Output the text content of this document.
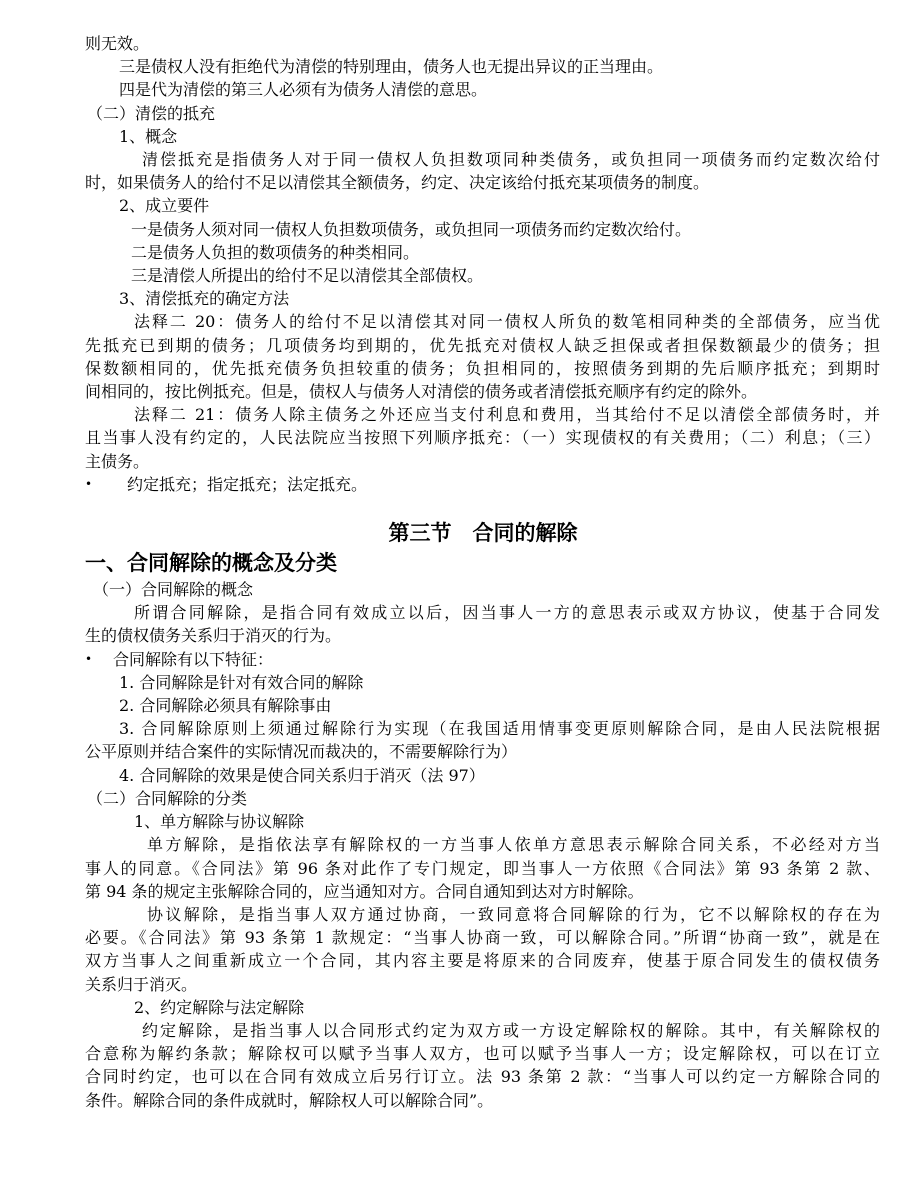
www.zixin.com.cn
则无效。
三是债权人没有拒绝代为清偿的特别理由，债务人也无提出异议的正当理由。
四是代为清偿的第三人必须有为债务人清偿的意思。
（二）清偿的抵充
1、概念
清偿抵充是指债务人对于同一债权人负担数项同种类债务，或负担同一项债务而约定数次给付
时，如果债务人的给付不足以清偿其全额债务，约定、决定该给付抵充某项债务的制度。
2、成立要件
一是债务人须对同一债权人负担数项债务，或负担同一项债务而约定数次给付。
二是债务人负担的数项债务的种类相同。
三是清偿人所提出的给付不足以清偿其全部债权。
3、清偿抵充的确定方法
法释二 20：债务人的给付不足以清偿其对同一债权人所负的数笔相同种类的全部债务，应当优
先抵充已到期的债务；几项债务均到期的，优先抵充对债权人缺乏担保或者担保数额最少的债务；担
保数额相同的，优先抵充债务负担较重的债务；负担相同的，按照债务到期的先后顺序抵充；到期时
间相同的，按比例抵充。但是，债权人与债务人对清偿的债务或者清偿抵充顺序有约定的除外。
法释二 21：债务人除主债务之外还应当支付利息和费用，当其给付不足以清偿全部债务时，并
且当事人没有约定的，人民法院应当按照下列顺序抵充：（一）实现债权的有关费用；（二）利息；（三）
主债务。
• 约定抵充；指定抵充；法定抵充。
第三节　合同的解除
一、合同解除的概念及分类
（一）合同解除的概念
所谓合同解除，是指合同有效成立以后，因当事人一方的意思表示或双方协议，使基于合同发
生的债权债务关系归于消灭的行为。
• 合同解除有以下特征：
1. 合同解除是针对有效合同的解除
2. 合同解除必须具有解除事由
3. 合同解除原则上须通过解除行为实现（在我国适用情事变更原则解除合同，是由人民法院根据
公平原则并结合案件的实际情况而裁决的，不需要解除行为）
4. 合同解除的效果是使合同关系归于消灭（法 97）
（二）合同解除的分类
1、单方解除与协议解除
单方解除，是指依法享有解除权的一方当事人依单方意思表示解除合同关系，不必经对方当
事人的同意。《合同法》第 96 条对此作了专门规定，即当事人一方依照《合同法》第 93 条第 2 款、
第 94 条的规定主张解除合同的，应当通知对方。合同自通知到达对方时解除。
协议解除，是指当事人双方通过协商，一致同意将合同解除的行为，它不以解除权的存在为
必要。《合同法》第 93 条第 1 款规定：“当事人协商一致，可以解除合同。”所谓“协商一致”，就是在
双方当事人之间重新成立一个合同，其内容主要是将原来的合同废弃，使基于原合同发生的债权债务
关系归于消灭。
2、约定解除与法定解除
约定解除，是指当事人以合同形式约定为双方或一方设定解除权的解除。其中，有关解除权的
合意称为解约条款；解除权可以赋予当事人双方，也可以赋予当事人一方；设定解除权，可以在订立
合同时约定，也可以在合同有效成立后另行订立。法 93 条第 2 款：“当事人可以约定一方解除合同的
条件。解除合同的条件成就时，解除权人可以解除合同”。
